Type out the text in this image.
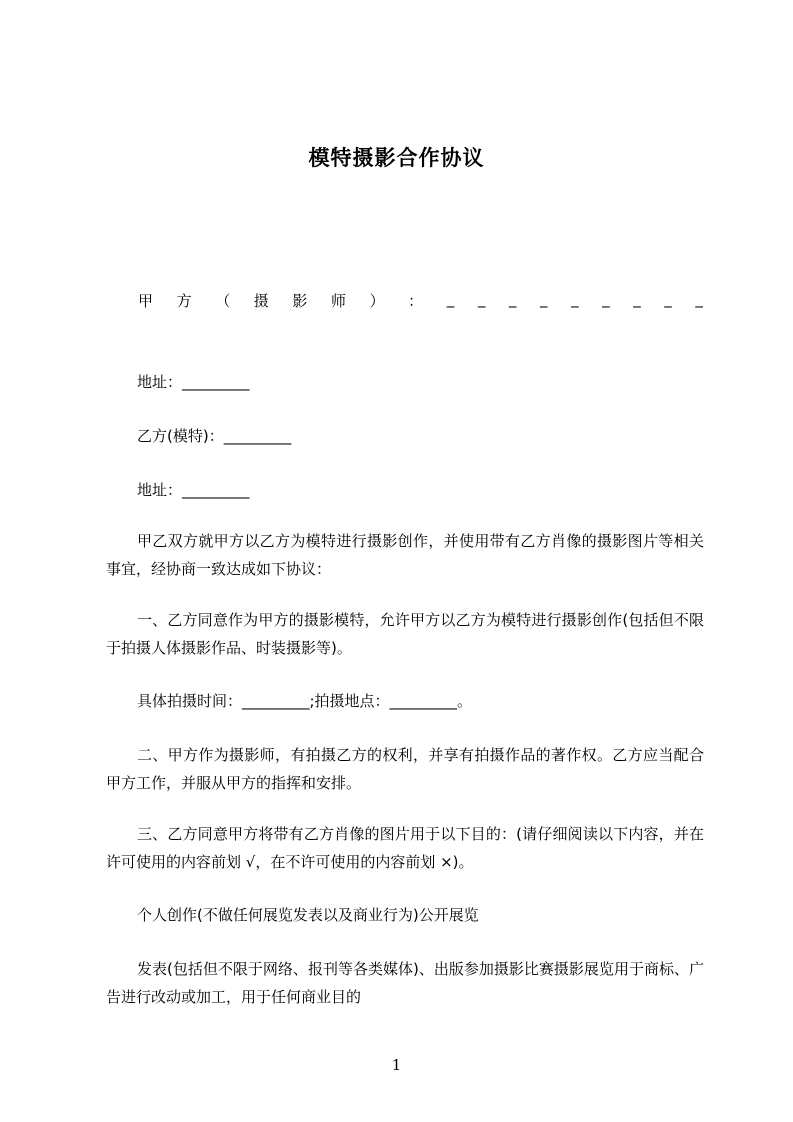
模特摄影合作协议
甲 方 （ 摄 影 师 ） ： _ _ _ _ _ _ _ _ _
地址：_________
乙方(模特)：_________
地址：_________
甲乙双方就甲方以乙方为模特进行摄影创作，并使用带有乙方肖像的摄影图片等相关事宜，经协商一致达成如下协议：
一、乙方同意作为甲方的摄影模特，允许甲方以乙方为模特进行摄影创作(包括但不限于拍摄人体摄影作品、时装摄影等)。
具体拍摄时间：_________;拍摄地点：_________。
二、甲方作为摄影师，有拍摄乙方的权利，并享有拍摄作品的著作权。乙方应当配合甲方工作，并服从甲方的指挥和安排。
三、乙方同意甲方将带有乙方肖像的图片用于以下目的：(请仔细阅读以下内容，并在许可使用的内容前划 √，在不许可使用的内容前划 ×)。
个人创作(不做任何展览发表以及商业行为)公开展览
发表(包括但不限于网络、报刊等各类媒体)、出版参加摄影比赛摄影展览用于商标、广告进行改动或加工，用于任何商业目的
1
